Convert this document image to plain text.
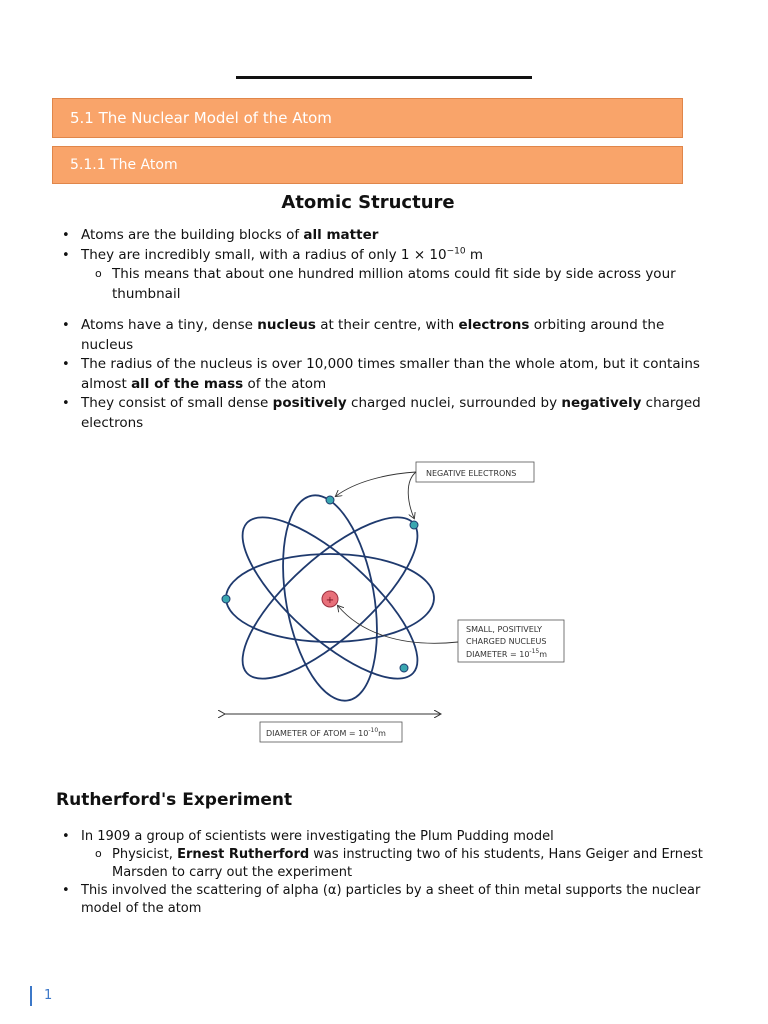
5.1 The Nuclear Model of the Atom
5.1.1 The Atom
Atomic Structure
• Atoms are the building blocks of all matter
• They are incredibly small, with a radius of only $1 \times 10^{-10}$ m
o This means that about one hundred million atoms could fit side by side across your thumbnail
• Atoms have a tiny, dense nucleus at their centre, with electrons orbiting around the nucleus
• The radius of the nucleus is over 10,000 times smaller than the whole atom, but it contains almost all of the mass of the atom
• They consist of small dense positively charged nuclei, surrounded by negatively charged electrons
+
NEGATIVE ELECTRONS
SMALL, POSITIVELY
CHARGED NUCLEUS
DIAMETER = $10^{-15}m$
DIAMETER OF ATOM = $10^{-10}m$
Rutherford's Experiment
• In 1909 a group of scientists were investigating the Plum Pudding model
o Physicist, Ernest Rutherford was instructing two of his students, Hans Geiger and Ernest Marsden to carry out the experiment
• This involved the scattering of alpha (α) particles by a sheet of thin metal supports the nuclear model of the atom
1
